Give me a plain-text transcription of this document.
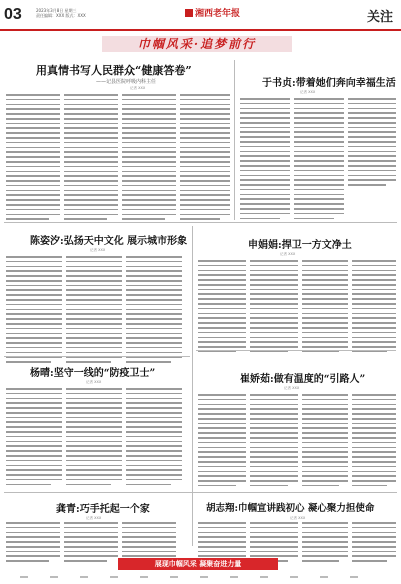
03	2023年3月8日 星期三
责任编辑：XXX 版式：XXX	湘西老年报	关注
巾帼风采·追梦前行
用真情书写人民群众“健康答卷”
——记县医院呼吸内科主任
记者 XXX	于书贞:带着她们奔向幸福生活
记者 XXX
陈姿汐:弘扬天中文化 展示城市形象
记者 XXX	申娟娟:捍卫一方文净土
记者 XXX
杨晴:坚守一线的“防疫卫士”
记者 XXX	崔娇茹:做有温度的“引路人”
记者 XXX
龚青:巧手托起一个家
记者 XXX
胡志翔:巾帼宣讲践初心 凝心聚力担使命
记者 XXX
展现巾帼风采 凝聚奋进力量
